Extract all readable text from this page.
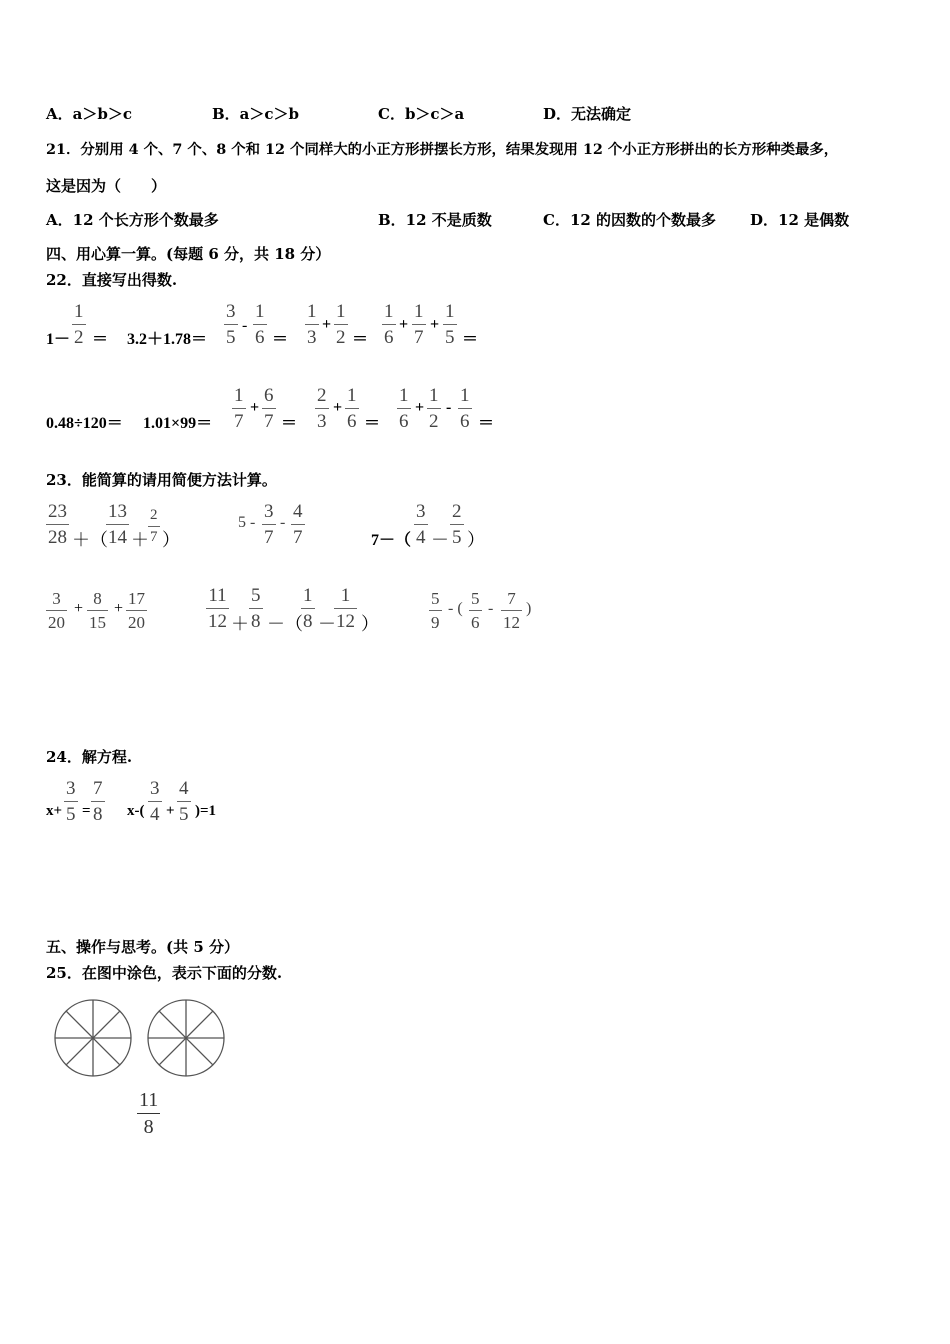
A．a＞b＞c	B．a＞c＞b	C．b＞c＞a	D．无法确定
21．分别用 4 个、7 个、8 个和 12 个同样大的小正方形拼摆长方形，结果发现用 12 个小正方形拼出的长方形种类最多，
这是因为（　　）
A．12 个长方形个数最多	B．12 不是质数	C．12 的因数的个数最多 D．12 是偶数
四、用心算一算。(每题 6 分，共 18 分）
22．直接写出得数.
1－
1
2 ＝ 3.2＋1.78＝
3
5
-
1
6 ＝
1
3
+
1
2 ＝
1
6
+
1
7
+
1
5 ＝
0.48÷120＝ 1.01×99＝
1
7
+
6
7 ＝
2
3
+
1
6 ＝
1
6
+
1
2
-
1
6 ＝
23．能简算的请用简便方法计算。
23
28 ＋（
13
14 ＋
2
7 ）
5 -
3
7
-
4
7	7－（
3
4 －
2
5 ）
3
20
+
8
15
+
17
20
11
12 ＋
5
8 －（
1
8 －
1
12 ）
5
9
- (
5
6
-
7
12
)
24．解方程.
x+
3
5 =
7
8 x-(
3
4 +
4
5 )=1
五、操作与思考。(共 5 分）
25．在图中涂色，表示下面的分数.
11
8
